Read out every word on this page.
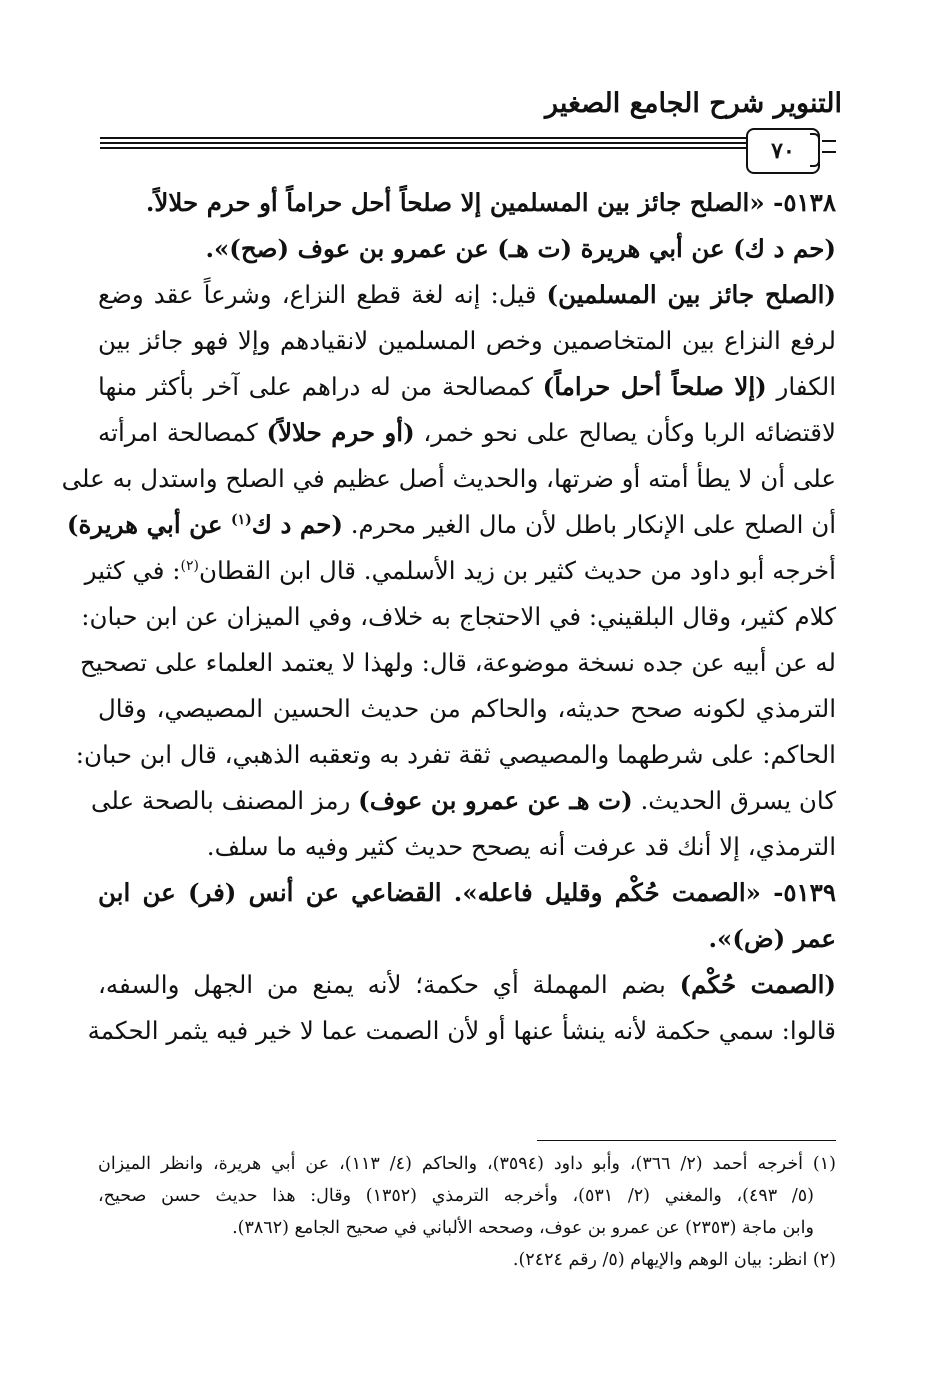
التنوير شرح الجامع الصغير
٧٠
٥١٣٨- «الصلح جائز بين المسلمين إلا صلحاً أحل حراماً أو حرم حلالاً.
(حم د ك) عن أبي هريرة (ت هـ) عن عمرو بن عوف (صح)».
(الصلح جائز بين المسلمين) قيل: إنه لغة قطع النزاع، وشرعاً عقد وضع
لرفع النزاع بين المتخاصمين وخص المسلمين لانقيادهم وإلا فهو جائز بين
الكفار (إلا صلحاً أحل حراماً) كمصالحة من له دراهم على آخر بأكثر منها
لاقتضائه الربا وكأن يصالح على نحو خمر، (أو حرم حلالاً) كمصالحة امرأته
على أن لا يطأ أمته أو ضرتها، والحديث أصل عظيم في الصلح واستدل به على
أن الصلح على الإنكار باطل لأن مال الغير محرم. (حم د ك$^{(١)}$ عن أبي هريرة)
أخرجه أبو داود من حديث كثير بن زيد الأسلمي. قال ابن القطان$^{(٢)}$: في كثير
كلام كثير، وقال البلقيني: في الاحتجاج به خلاف، وفي الميزان عن ابن حبان:
له عن أبيه عن جده نسخة موضوعة، قال: ولهذا لا يعتمد العلماء على تصحيح
الترمذي لكونه صحح حديثه، والحاكم من حديث الحسين المصيصي، وقال
الحاكم: على شرطهما والمصيصي ثقة تفرد به وتعقبه الذهبي، قال ابن حبان:
كان يسرق الحديث. (ت هـ عن عمرو بن عوف) رمز المصنف بالصحة على
الترمذي، إلا أنك قد عرفت أنه يصحح حديث كثير وفيه ما سلف.
٥١٣٩- «الصمت حُكْم وقليل فاعله». القضاعي عن أنس (فر) عن ابن
عمر (ض)».
(الصمت حُكْم) بضم المهملة أي حكمة؛ لأنه يمنع من الجهل والسفه،
قالوا: سمي حكمة لأنه ينشأ عنها أو لأن الصمت عما لا خير فيه يثمر الحكمة
(١) أخرجه أحمد (٢/ ٣٦٦)، وأبو داود (٣٥٩٤)، والحاكم (٤/ ١١٣)، عن أبي هريرة، وانظر الميزان
(٥/ ٤٩٣)، والمغني (٢/ ٥٣١)، وأخرجه الترمذي (١٣٥٢) وقال: هذا حديث حسن صحيح،
وابن ماجة (٢٣٥٣) عن عمرو بن عوف، وصححه الألباني في صحيح الجامع (٣٨٦٢).
(٢) انظر: بيان الوهم والإيهام (٥/ رقم ٢٤٢٤).
